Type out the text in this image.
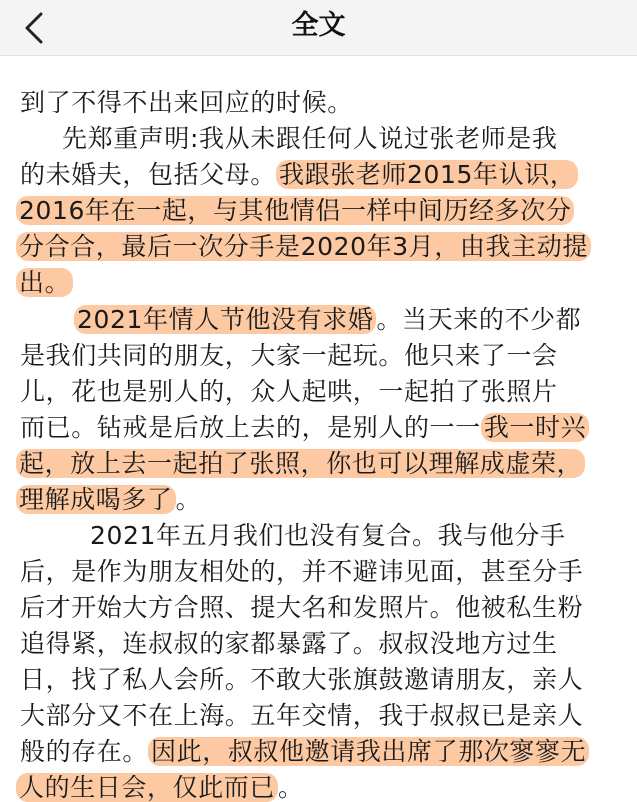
全文
到了不得不出来回应的时候。
先郑重声明:我从未跟任何人说过张老师是我
的未婚夫，包括父母。 我跟张老师2015年认识，
2016年在一起，与其他情侣一样中间历经多次分
分合合，最后一次分手是2020年3月，由我主动提
出。
2021年情人节他没有求婚 。当天来的不少都
是我们共同的朋友，大家一起玩。他只来了一会
儿，花也是别人的，众人起哄，一起拍了张照片
而已。钻戒是后放上去的，是别人的一一 我一时兴
起，放上去一起拍了张照，你也可以理解成虚荣，
理解成喝多了 。
2021年五月我们也没有复合。我与他分手
后，是作为朋友相处的，并不避讳见面，甚至分手
后才开始大方合照、提大名和发照片。他被私生粉
追得紧，连叔叔的家都暴露了。叔叔没地方过生
日，找了私人会所。不敢大张旗鼓邀请朋友，亲人
大部分又不在上海。五年交情，我于叔叔已是亲人
般的存在。 因此，叔叔他邀请我出席了那次寥寥无
人的生日会，仅此而已 。
